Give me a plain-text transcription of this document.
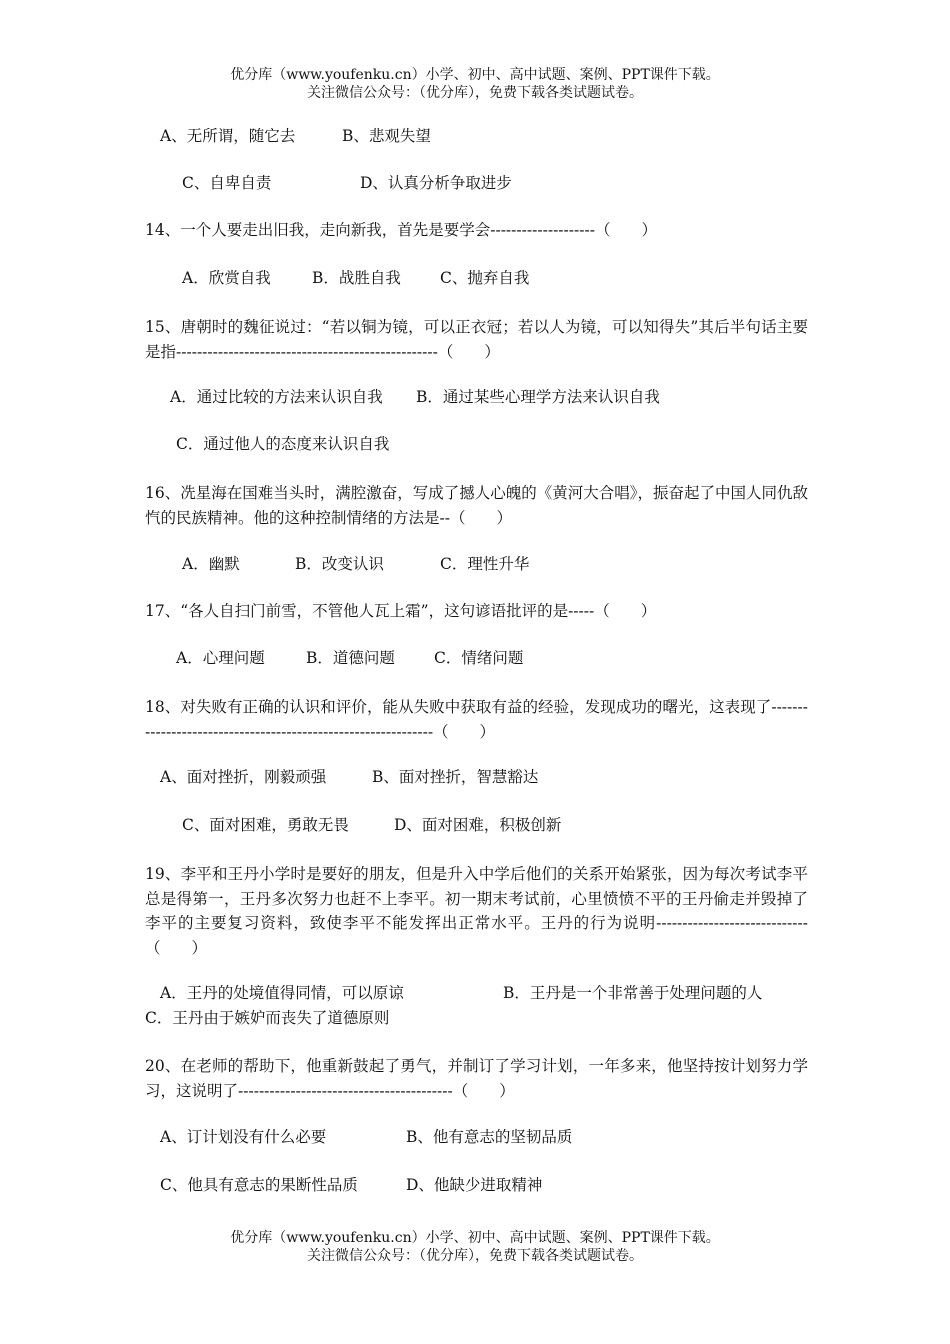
优分库（www.youfenku.cn）小学、初中、高中试题、案例、PPT课件下载。
关注微信公众号：（优分库），免费下载各类试题试卷。
A、无所谓，随它去	B、悲观失望
C、自卑自责	D、认真分析争取进步
14、一个人要走出旧我，走向新我，首先是要学会--------------------（　　）
A．欣赏自我	B．战胜自我	C、抛弃自我
15、唐朝时的魏征说过：“若以铜为镜，可以正衣冠；若以人为镜，可以知得失”其后半句话主要是指--------------------------------------------------（　　）
A．通过比较的方法来认识自我 B．通过某些心理学方法来认识自我
C．通过他人的态度来认识自我
16、冼星海在国难当头时，满腔激奋，写成了撼人心魄的《黄河大合唱》，振奋起了中国人同仇敌忾的民族精神。他的这种控制情绪的方法是--（　　）
A．幽默	B．改变认识	C．理性升华
17、“各人自扫门前雪，不管他人瓦上霜”，这句谚语批评的是-----（　　）
A．心理问题	B．道德问题	C．情绪问题
18、对失败有正确的认识和评价，能从失败中获取有益的经验，发现成功的曙光，这表现了--------------------------------------------------------------（　　）
A、面对挫折，刚毅顽强	B、面对挫折，智慧豁达
C、面对困难，勇敢无畏	D、面对困难，积极创新
19、李平和王丹小学时是要好的朋友，但是升入中学后他们的关系开始紧张，因为每次考试李平总是得第一，王丹多次努力也赶不上李平。初一期末考试前，心里愤愤不平的王丹偷走并毁掉了李平的主要复习资料，致使李平不能发挥出正常水平。王丹的行为说明-----------------------------（　　）
A．王丹的处境值得同情，可以原谅	B．王丹是一个非常善于处理问题的人
C．王丹由于嫉妒而丧失了道德原则
20、在老师的帮助下，他重新鼓起了勇气，并制订了学习计划，一年多来，他坚持按计划努力学习，这说明了-----------------------------------------（　　）
A、订计划没有什么必要	B、他有意志的坚韧品质
C、他具有意志的果断性品质	D、他缺少进取精神
优分库（www.youfenku.cn）小学、初中、高中试题、案例、PPT课件下载。
关注微信公众号：（优分库），免费下载各类试题试卷。
